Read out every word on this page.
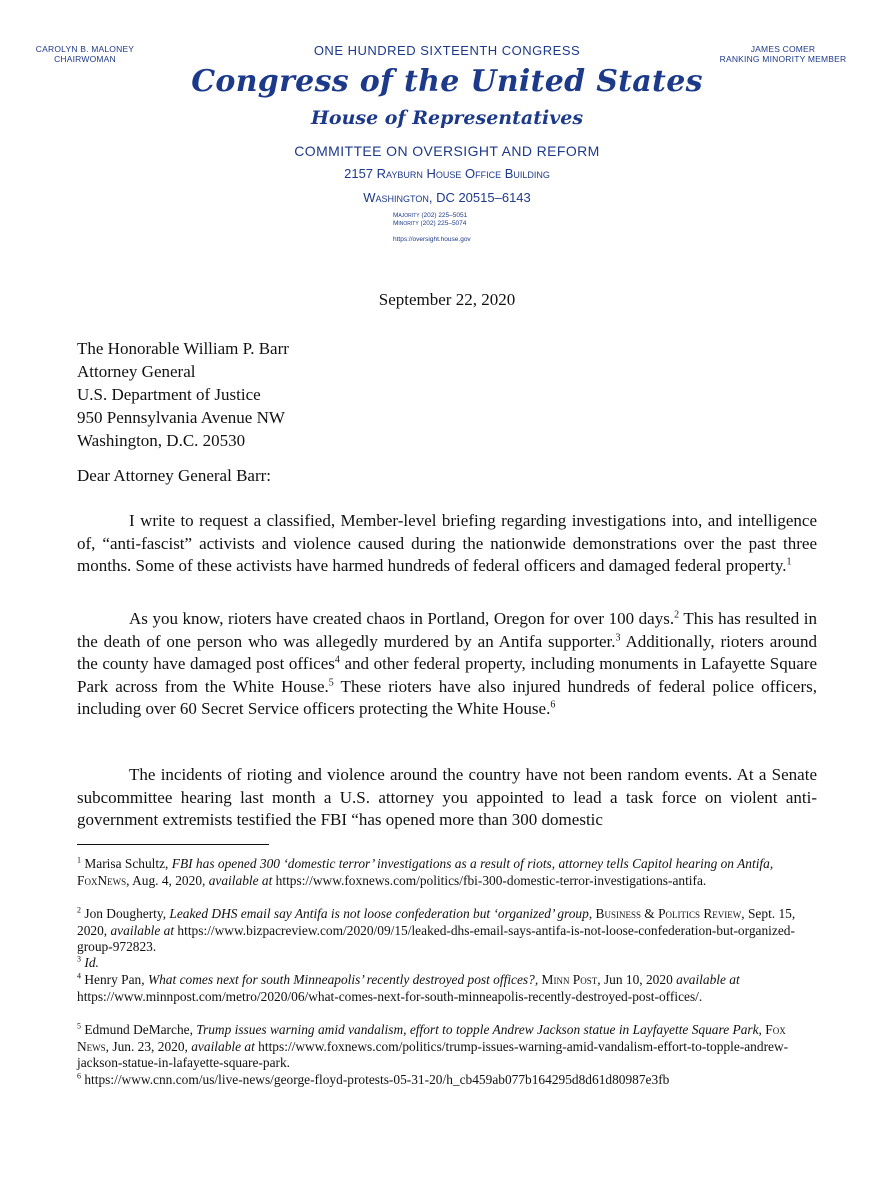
CAROLYN B. MALONEY
CHAIRWOMAN
JAMES COMER
RANKING MINORITY MEMBER
ONE HUNDRED SIXTEENTH CONGRESS
Congress of the United States
House of Representatives
COMMITTEE ON OVERSIGHT AND REFORM
2157 Rayburn House Office Building
Washington, DC 20515–6143
Majority (202) 225–5051
Minority (202) 225–5074
https://oversight.house.gov
September 22, 2020
The Honorable William P. Barr
Attorney General
U.S. Department of Justice
950 Pennsylvania Avenue NW
Washington, D.C. 20530
Dear Attorney General Barr:
I write to request a classified, Member-level briefing regarding investigations into, and intelligence of, “anti-fascist” activists and violence caused during the nationwide demonstrations over the past three months. Some of these activists have harmed hundreds of federal officers and damaged federal property.$^1$
As you know, rioters have created chaos in Portland, Oregon for over 100 days.$^2$ This has resulted in the death of one person who was allegedly murdered by an Antifa supporter.$^3$ Additionally, rioters around the county have damaged post offices$^4$ and other federal property, including monuments in Lafayette Square Park across from the White House.$^5$ These rioters have also injured hundreds of federal police officers, including over 60 Secret Service officers protecting the White House.$^6$
The incidents of rioting and violence around the country have not been random events. At a Senate subcommittee hearing last month a U.S. attorney you appointed to lead a task force on violent anti-government extremists testified the FBI “has opened more than 300 domestic
$^1$ Marisa Schultz, FBI has opened 300 ‘domestic terror’ investigations as a result of riots, attorney tells Capitol hearing on Antifa, FoxNews, Aug. 4, 2020, available at https://www.foxnews.com/politics/fbi-300-domestic-terror-investigations-antifa.
$^2$ Jon Dougherty, Leaked DHS email say Antifa is not loose confederation but ‘organized’ group, Business & Politics Review, Sept. 15, 2020, available at https://www.bizpacreview.com/2020/09/15/leaked-dhs-email-says-antifa-is-not-loose-confederation-but-organized-group-972823.
$^3$ Id.
$^4$ Henry Pan, What comes next for south Minneapolis’ recently destroyed post offices?, Minn Post, Jun 10, 2020 available at https://www.minnpost.com/metro/2020/06/what-comes-next-for-south-minneapolis-recently-destroyed-post-offices/.
$^5$ Edmund DeMarche, Trump issues warning amid vandalism, effort to topple Andrew Jackson statue in Layfayette Square Park, Fox News, Jun. 23, 2020, available at https://www.foxnews.com/politics/trump-issues-warning-amid-vandalism-effort-to-topple-andrew-jackson-statue-in-lafayette-square-park.
$^6$ https://www.cnn.com/us/live-news/george-floyd-protests-05-31-20/h_cb459ab077b164295d8d61d80987e3fb
